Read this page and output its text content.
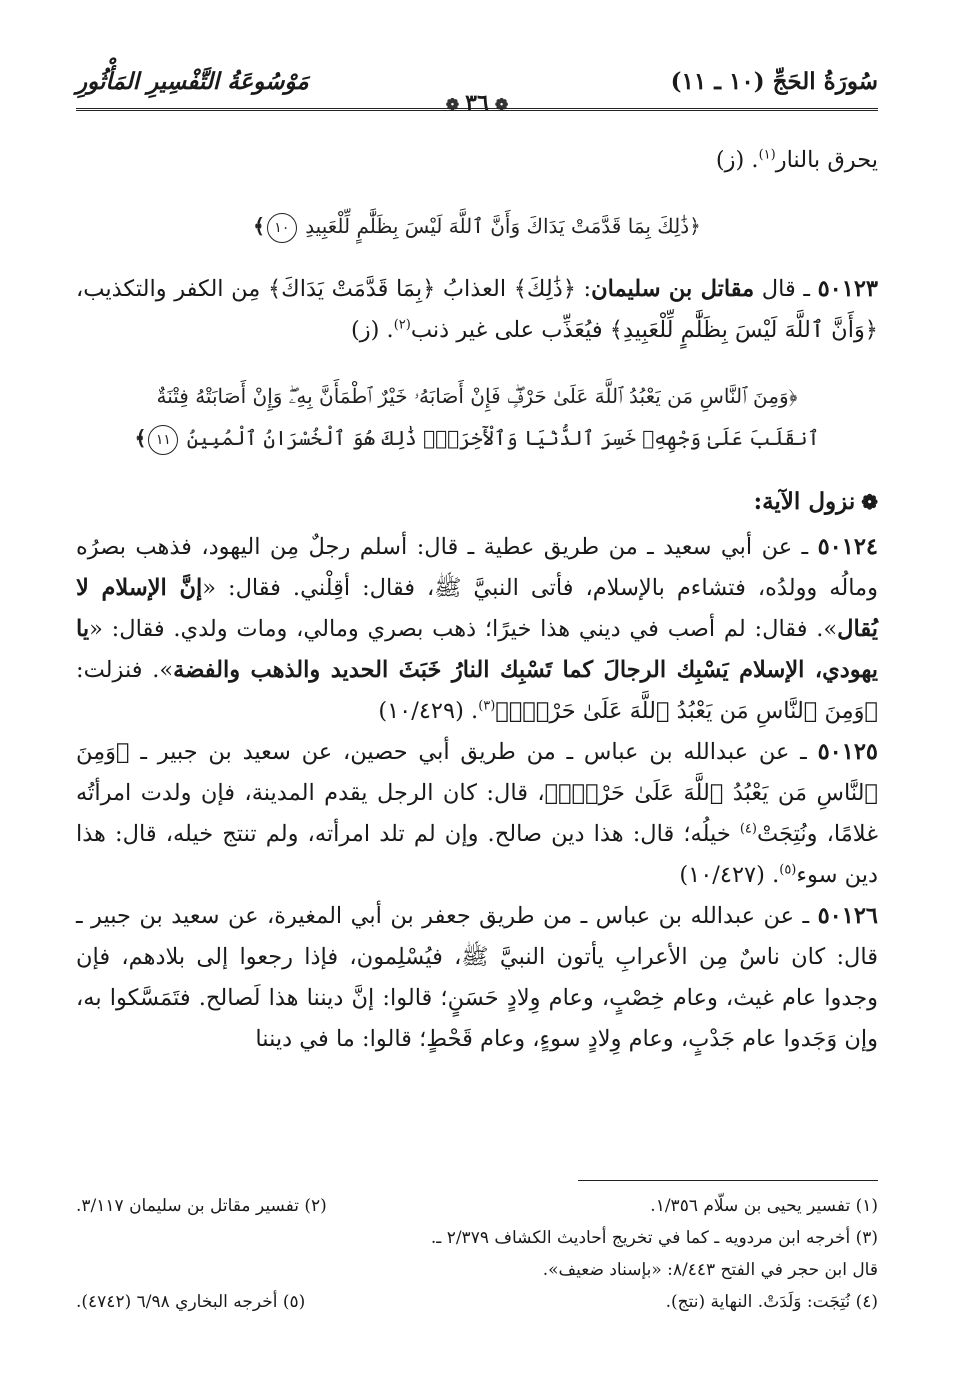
سُورَةُ الحَجِّ (١٠ ـ ١١)
مَوْسُوعَةُ التَّفْسِيرِ المَأْثُورِ
❁٣٦❁

يحرق بالنار$^{(١)}$. (ز)

﴿ذَٰلِكَ بِمَا قَدَّمَتْ يَدَاكَ وَأَنَّ ٱللَّهَ لَيْسَ بِظَلَّٰمٍ لِّلْعَبِيدِ ١٠﴾

٥٠١٢٣ ـ قال مقاتل بن سليمان: ﴿ذَٰلِكَ﴾ العذابُ ﴿بِمَا قَدَّمَتْ يَدَاكَ﴾ مِن الكفر والتكذيب، ﴿وَأَنَّ ٱللَّهَ لَيْسَ بِظَلَّٰمٍ لِّلْعَبِيدِ﴾ فيُعَذِّب على غير ذنب$^{(٢)}$. (ز)

﴿وَمِنَ ٱلنَّاسِ مَن يَعْبُدُ ٱللَّهَ عَلَىٰ حَرْفٍۖ فَإِنْ أَصَابَهُۥ خَيْرٌ ٱطْمَأَنَّ بِهِۦۖ وَإِنْ أَصَابَتْهُ فِتْنَةٌ
ٱنقَلَبَ عَلَىٰ وَجْهِهِۦ خَسِرَ ٱلدُّنْيَا وَٱلْأٓخِرَةَۚ ذَٰلِكَ هُوَ ٱلْخُسْرَانُ ٱلْمُبِينُ ١١﴾
❁نزول الآية:

٥٠١٢٤ ـ عن أبي سعيد ـ من طريق عطية ـ قال: أسلم رجلٌ مِن اليهود، فذهب بصرُه ومالُه وولدُه، فتشاءم بالإسلام، فأتى النبيَّ ﷺ، فقال: أقِلْني. فقال: «إنَّ الإسلام لا يُقال». فقال: لم أصب في ديني هذا خيرًا؛ ذهب بصري ومالي، ومات ولدي. فقال: «يا يهودي، الإسلام يَسْبِك الرجالَ كما تَسْبِك النارُ خَبَثَ الحديد والذهب والفضة». فنزلت: ﴿وَمِنَ ٱلنَّاسِ مَن يَعْبُدُ ٱللَّهَ عَلَىٰ حَرْفٍۖ﴾$^{(٣)}$. (١٠/٤٢٩)

٥٠١٢٥ ـ عن عبدالله بن عباس ـ من طريق أبي حصين، عن سعيد بن جبير ـ ﴿وَمِنَ ٱلنَّاسِ مَن يَعْبُدُ ٱللَّهَ عَلَىٰ حَرْفٍۖ﴾، قال: كان الرجل يقدم المدينة، فإن ولدت امرأتُه غلامًا، ونُتِجَتْ$^{(٤)}$ خيلُه؛ قال: هذا دين صالح. وإن لم تلد امرأته، ولم تنتج خيله، قال: هذا دين سوء$^{(٥)}$. (١٠/٤٢٧)

٥٠١٢٦ ـ عن عبدالله بن عباس ـ من طريق جعفر بن أبي المغيرة، عن سعيد بن جبير ـ قال: كان ناسٌ مِن الأعرابِ يأتون النبيَّ ﷺ، فيُسْلِمون، فإذا رجعوا إلى بلادهم، فإن وجدوا عام غيث، وعام خِصْبٍ، وعام وِلادٍ حَسَنٍ؛ قالوا: إنَّ ديننا هذا لَصالح. فتَمَسَّكوا به، وإن وَجَدوا عام جَدْبٍ، وعام وِلادٍ سوءٍ، وعام قَحْطٍ؛ قالوا: ما في ديننا

(١) تفسير يحيى بن سلّام ١/٣٥٦.
(٢) تفسير مقاتل بن سليمان ٣/١١٧.
(٣) أخرجه ابن مردويه ـ كما في تخريج أحاديث الكشاف ٢/٣٧٩ ـ.
قال ابن حجر في الفتح ٨/٤٤٣: «بإسناد ضعيف».
(٤) نُتِجَت: وَلَدَتْ. النهاية (نتج).
(٥) أخرجه البخاري ٦/٩٨ (٤٧٤٢).
